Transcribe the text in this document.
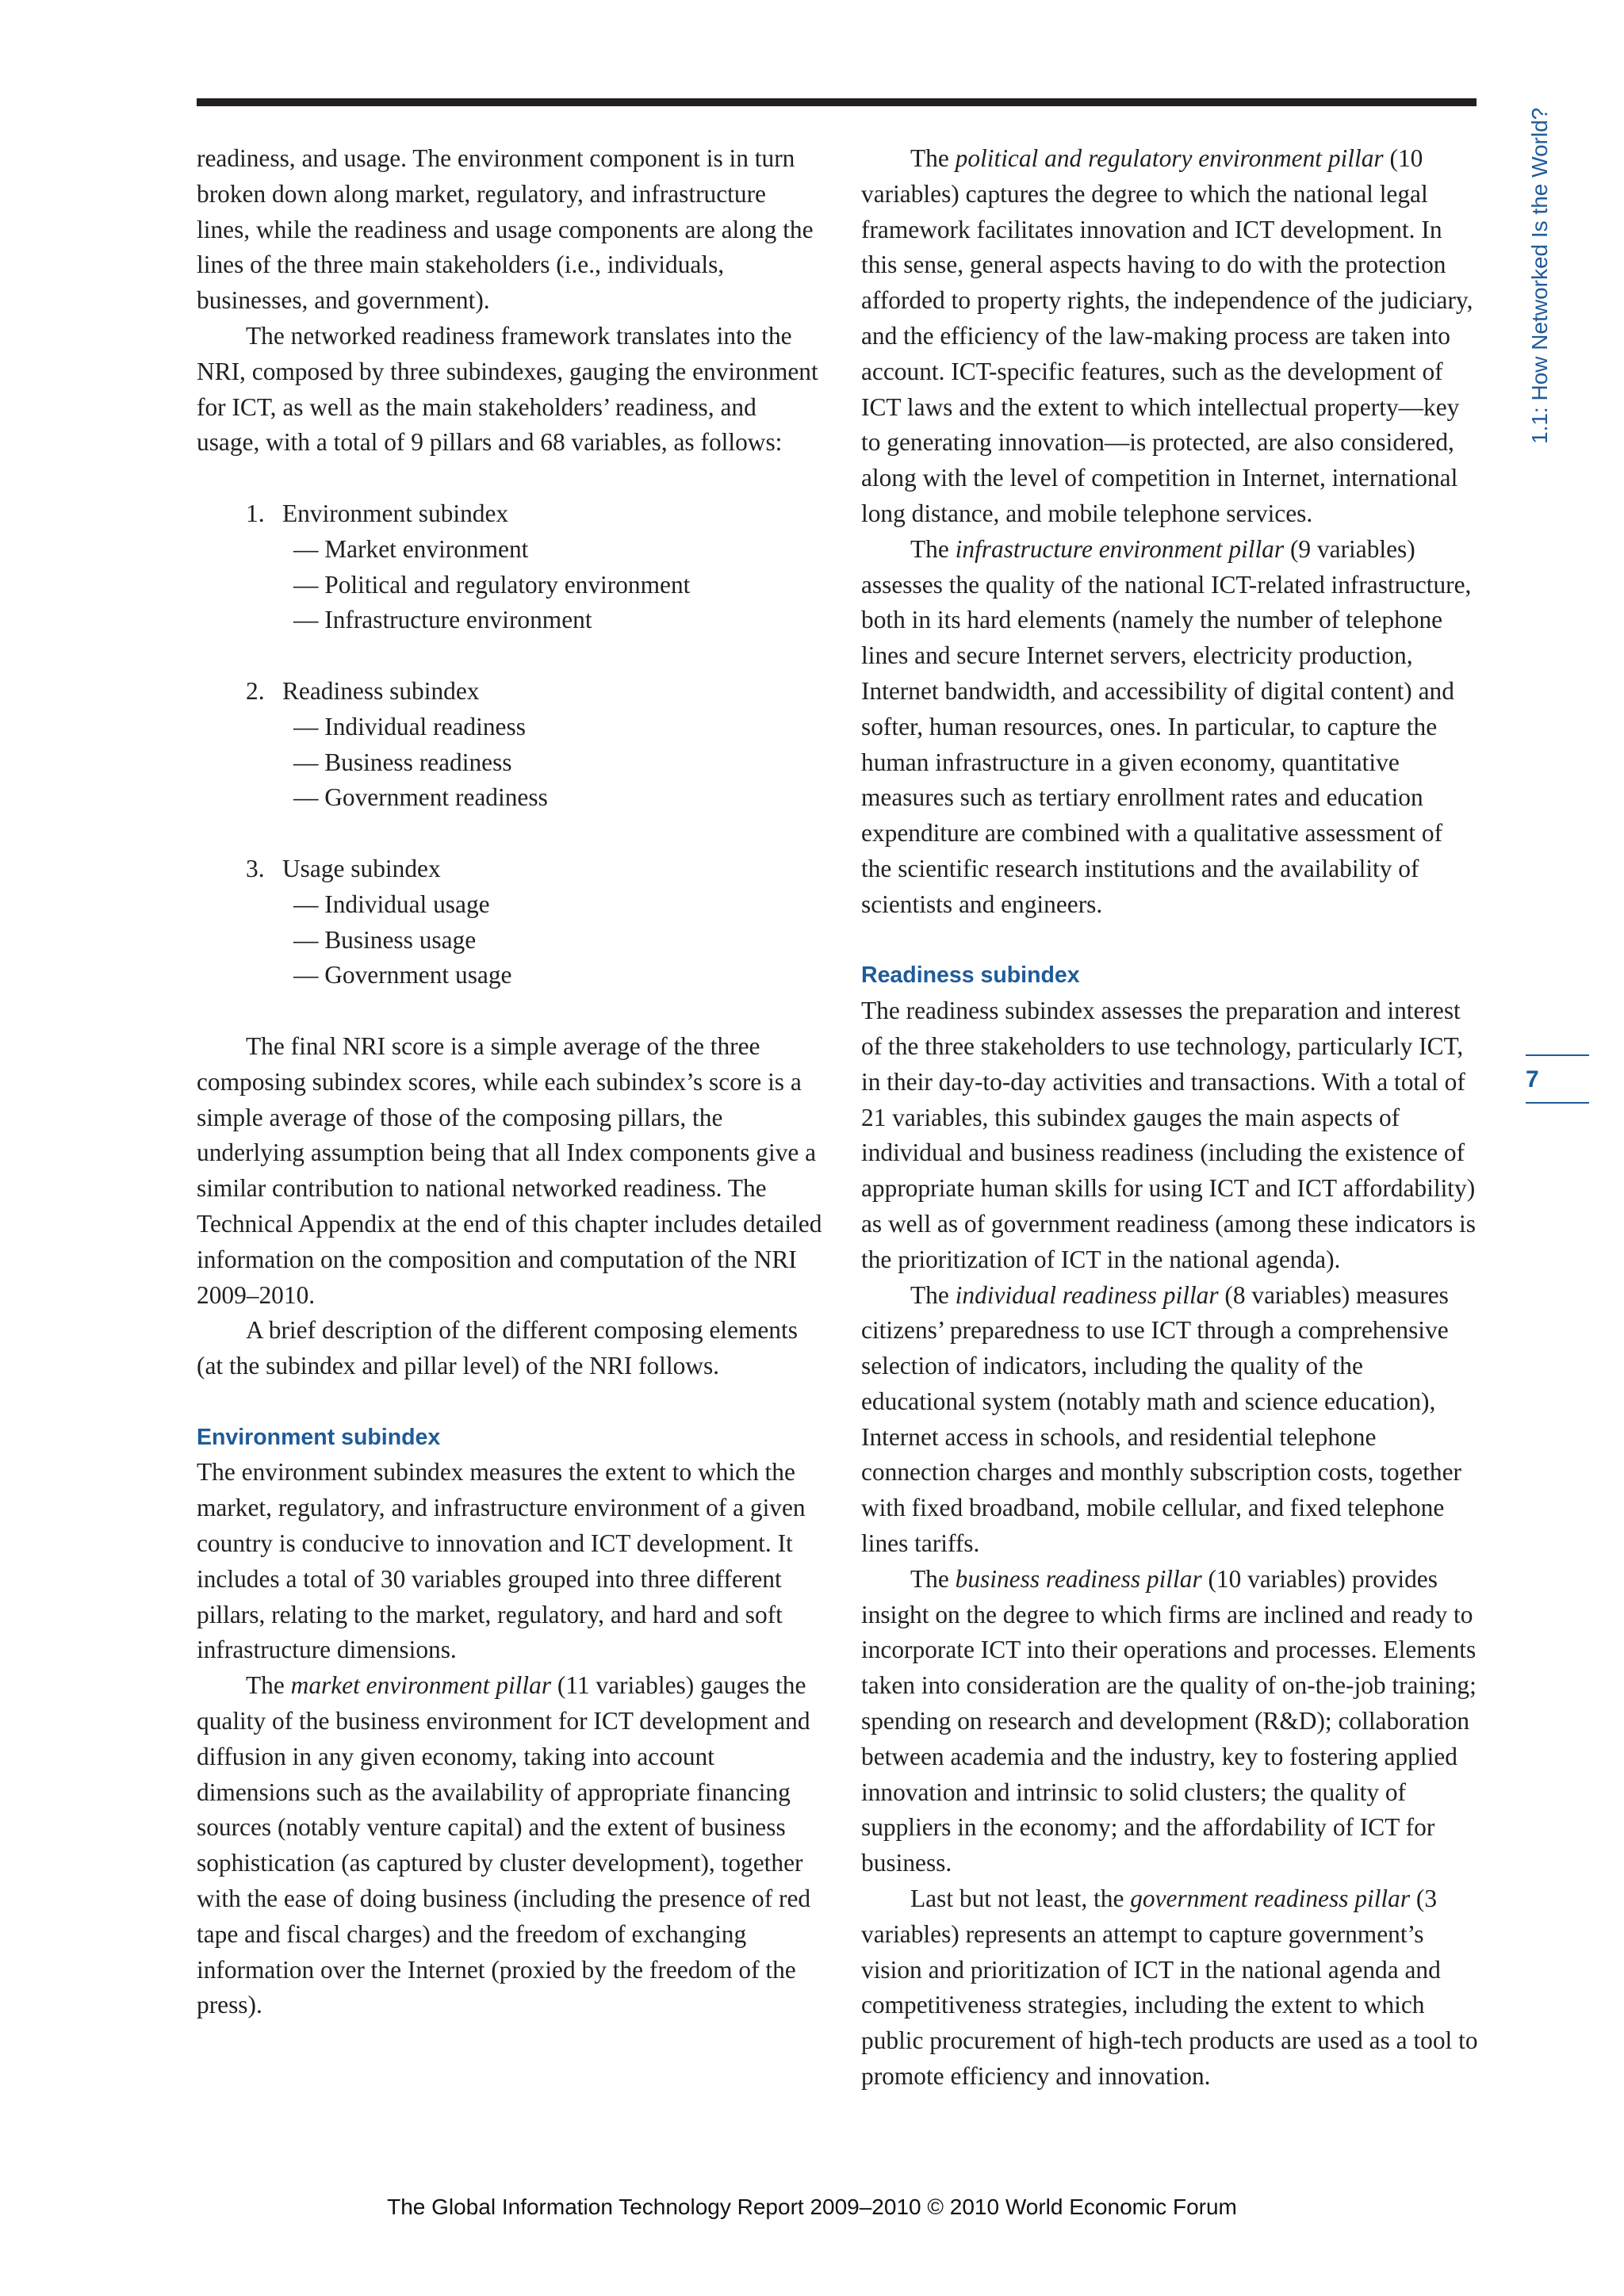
readiness, and usage. The environment component is in turn broken down along market, regulatory, and infrastructure lines, while the readiness and usage components are along the lines of the three main stakeholders (i.e., individuals, businesses, and government).

The networked readiness framework translates into the NRI, composed by three subindexes, gauging the environment for ICT, as well as the main stakeholders’ readiness, and usage, with a total of 9 pillars and 68 variables, as follows:

1. Environment subindex

— Market environment

— Political and regulatory environment

— Infrastructure environment

2. Readiness subindex

— Individual readiness

— Business readiness

— Government readiness

3. Usage subindex

— Individual usage

— Business usage

— Government usage

The final NRI score is a simple average of the three composing subindex scores, while each subindex’s score is a simple average of those of the composing pillars, the underlying assumption being that all Index components give a similar contribution to national networked readiness. The Technical Appendix at the end of this chapter includes detailed information on the composition and computation of the NRI 2009–2010.

A brief description of the different composing elements (at the subindex and pillar level) of the NRI follows.

Environment subindex

The environment subindex measures the extent to which the market, regulatory, and infrastructure environment of a given country is conducive to innovation and ICT development. It includes a total of 30 variables grouped into three different pillars, relating to the market, regulatory, and hard and soft infrastructure dimensions.

The market environment pillar (11 variables) gauges the quality of the business environment for ICT development and diffusion in any given economy, taking into account dimensions such as the availability of appropriate financing sources (notably venture capital) and the extent of business sophistication (as captured by cluster development), together with the ease of doing business (including the presence of red tape and fiscal charges) and the freedom of exchanging information over the Internet (proxied by the freedom of the press).

The political and regulatory environment pillar (10 variables) captures the degree to which the national legal framework facilitates innovation and ICT development. In this sense, general aspects having to do with the protection afforded to property rights, the independence of the judiciary, and the efficiency of the law-making process are taken into account. ICT-specific features, such as the development of ICT laws and the extent to which intellectual property—key to generating innovation—is protected, are also considered, along with the level of competition in Internet, international long distance, and mobile telephone services.

The infrastructure environment pillar (9 variables) assesses the quality of the national ICT-related infrastructure, both in its hard elements (namely the number of telephone lines and secure Internet servers, electricity production, Internet bandwidth, and accessibility of digital content) and softer, human resources, ones. In particular, to capture the human infrastructure in a given economy, quantitative measures such as tertiary enrollment rates and education expenditure are combined with a qualitative assessment of the scientific research institutions and the availability of scientists and engineers.

Readiness subindex

The readiness subindex assesses the preparation and interest of the three stakeholders to use technology, particularly ICT, in their day-to-day activities and transactions. With a total of 21 variables, this subindex gauges the main aspects of individual and business readiness (including the existence of appropriate human skills for using ICT and ICT affordability) as well as of government readiness (among these indicators is the prioritization of ICT in the national agenda).

The individual readiness pillar (8 variables) measures citizens’ preparedness to use ICT through a comprehensive selection of indicators, including the quality of the educational system (notably math and science education), Internet access in schools, and residential telephone connection charges and monthly subscription costs, together with fixed broadband, mobile cellular, and fixed telephone lines tariffs.

The business readiness pillar (10 variables) provides insight on the degree to which firms are inclined and ready to incorporate ICT into their operations and processes. Elements taken into consideration are the quality of on-the-job training; spending on research and development (R&D); collaboration between academia and the industry, key to fostering applied innovation and intrinsic to solid clusters; the quality of suppliers in the economy; and the affordability of ICT for business.

Last but not least, the government readiness pillar (3 variables) represents an attempt to capture government’s vision and prioritization of ICT in the national agenda and competitiveness strategies, including the extent to which public procurement of high-tech products are used as a tool to promote efficiency and innovation.

1.1: How Networked Is the World?
7
The Global Information Technology Report 2009–2010 © 2010 World Economic Forum
